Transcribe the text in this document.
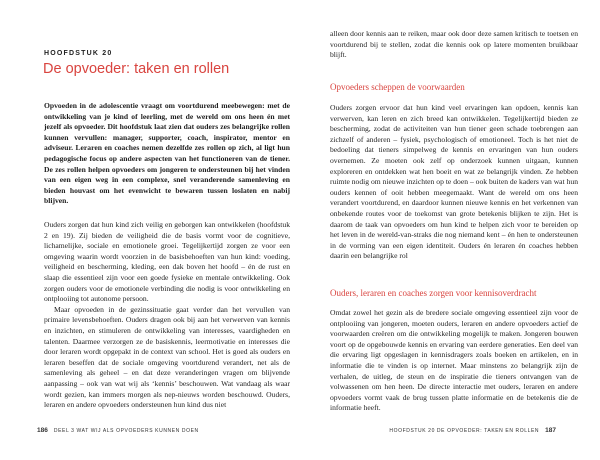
HOOFDSTUK 20
De opvoeder: taken en rollen

Opvoeden in de adolescentie vraagt om voortdurend meebewegen: met de ontwikkeling van je kind of leerling, met de wereld om ons heen én met jezelf als opvoeder. Dit hoofdstuk laat zien dat ouders zes belangrijke rollen kunnen vervullen: manager, supporter, coach, inspirator, mentor en adviseur. Leraren en coaches nemen dezelfde zes rollen op zich, al ligt hun pedagogische focus op andere aspecten van het functioneren van de tiener. De zes rollen helpen opvoeders om jongeren te ondersteunen bij het vinden van een eigen weg in een complexe, snel veranderende samenleving en bieden houvast om het evenwicht te bewaren tussen loslaten en nabij blijven.

Ouders zorgen dat hun kind zich veilig en geborgen kan ontwikkelen (hoofdstuk 2 en 19). Zij bieden de veiligheid die de basis vormt voor de cognitieve, lichamelijke, sociale en emotionele groei. Tegelijkertijd zorgen ze voor een omgeving waarin wordt voorzien in de basisbehoeften van hun kind: voeding, veiligheid en bescherming, kleding, een dak boven het hoofd – én de rust en slaap die essentieel zijn voor een goede fysieke en mentale ontwikkeling. Ook zorgen ouders voor de emotionele verbinding die nodig is voor ontwikkeling en ontplooiing tot autonome persoon.

Maar opvoeden in de gezinssituatie gaat verder dan het vervullen van primaire levensbehoeften. Ouders dragen ook bij aan het verwerven van kennis en inzichten, en stimuleren de ontwikkeling van interesses, vaardigheden en talenten. Daarmee verzorgen ze de basiskennis, leermotivatie en interesses die door leraren wordt opgepakt in de context van school. Het is goed als ouders en leraren beseffen dat de sociale omgeving voortdurend verandert, net als de samenleving als geheel – en dat deze veranderingen vragen om blijvende aanpassing – ook van wat wij als ‘kennis’ beschouwen. Wat vandaag als waar wordt gezien, kan immers morgen als nep-nieuws worden beschouwd. Ouders, leraren en andere opvoeders ondersteunen hun kind dus niet

186 DEEL 3 WAT WIJ ALS OPVOEDERS KUNNEN DOEN

alleen door kennis aan te reiken, maar ook door deze samen kritisch te toetsen en voortdurend bij te stellen, zodat die kennis ook op latere momenten bruikbaar blijft.

Opvoeders scheppen de voorwaarden

Ouders zorgen ervoor dat hun kind veel ervaringen kan opdoen, kennis kan verwerven, kan leren en zich breed kan ontwikkelen. Tegelijkertijd bieden ze bescherming, zodat de activiteiten van hun tiener geen schade toebrengen aan zichzelf of anderen – fysiek, psychologisch of emotioneel. Toch is het niet de bedoeling dat tieners simpelweg de kennis en ervaringen van hun ouders overnemen. Ze moeten ook zelf op onderzoek kunnen uitgaan, kunnen exploreren en ontdekken wat hen boeit en wat ze belangrijk vinden. Ze hebben ruimte nodig om nieuwe inzichten op te doen – ook buiten de kaders van wat hun ouders kennen of ooit hebben meegemaakt. Want de wereld om ons heen verandert voortdurend, en daardoor kunnen nieuwe kennis en het verkennen van onbekende routes voor de toekomst van grote betekenis blijken te zijn. Het is daarom de taak van opvoeders om hun kind te helpen zich voor te bereiden op het leven in de wereld-van-straks die nog niemand kent – én hen te ondersteunen in de vorming van een eigen identiteit. Ouders én leraren én coaches hebben daarin een belangrijke rol

Ouders, leraren en coaches zorgen voor kennisoverdracht

Omdat zowel het gezin als de bredere sociale omgeving essentieel zijn voor de ontplooiing van jongeren, moeten ouders, leraren en andere opvoeders actief de voorwaarden creëren om die ontwikkeling mogelijk te maken. Jongeren bouwen voort op de opgebouwde kennis en ervaring van eerdere generaties. Een deel van die ervaring ligt opgeslagen in kennisdragers zoals boeken en artikelen, en in informatie die te vinden is op internet. Maar minstens zo belangrijk zijn de verhalen, de uitleg, de steun en de inspiratie die tieners ontvangen van de volwassenen om hen heen. De directe interactie met ouders, leraren en andere opvoeders vormt vaak de brug tussen platte informatie en de betekenis die de informatie heeft.

HOOFDSTUK 20 DE OPVOEDER: TAKEN EN ROLLEN 187
